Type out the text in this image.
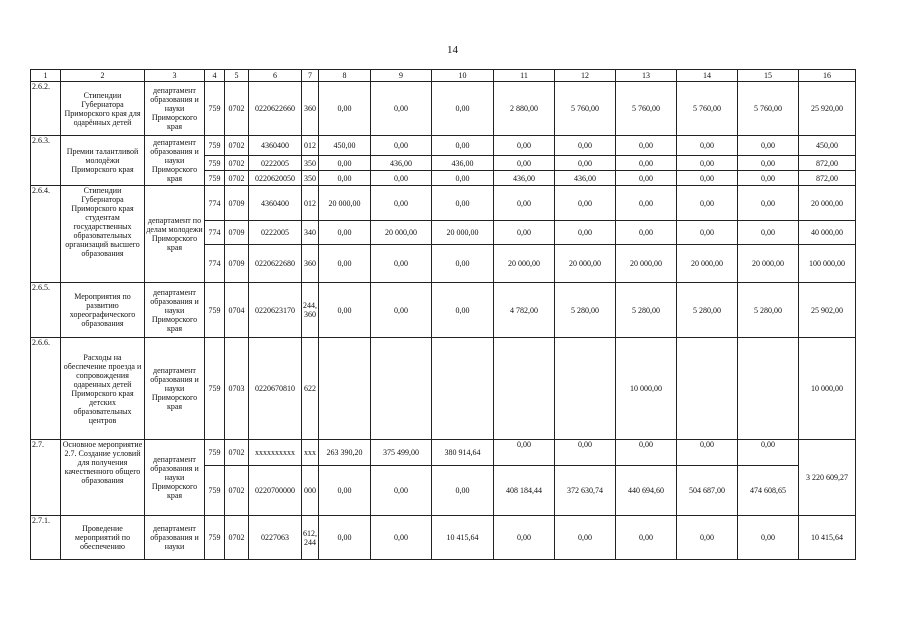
14
1	2	3	4	5	6	7	8	9	10	11	12	13	14	15	16
2.6.2.	Стипендии Губернатора Приморского края для одарённых детей	департамент образования и науки Приморского края	759	0702	0220622660	360	0,00	0,00	0,00	2 880,00	5 760,00	5 760,00	5 760,00	5 760,00	25 920,00
2.6.3.	Премии талантливой молодёжи Приморского края	департамент образования и науки Приморского края	759	0702	4360400	012	450,00	0,00	0,00	0,00	0,00	0,00	0,00	0,00	450,00
			759	0702	0222005	350	0,00	436,00	436,00	0,00	0,00	0,00	0,00	0,00	872,00
			759	0702	0220620050	350	0,00	0,00	0,00	436,00	436,00	0,00	0,00	0,00	872,00
2.6.4.	Стипендии Губернатора Приморского края студентам государственных образовательных организаций высшего образования	департамент по делам молодежи Приморского края	774	0709	4360400	012	20 000,00	0,00	0,00	0,00	0,00	0,00	0,00	0,00	20 000,00
			774	0709	0222005	340	0,00	20 000,00	20 000,00	0,00	0,00	0,00	0,00	0,00	40 000,00
			774	0709	0220622680	360	0,00	0,00	0,00	20 000,00	20 000,00	20 000,00	20 000,00	20 000,00	100 000,00
2.6.5.	Мероприятия по развитию хореографического образования	департамент образования и науки Приморского края	759	0704	0220623170	244, 360	0,00	0,00	0,00	4 782,00	5 280,00	5 280,00	5 280,00	5 280,00	25 902,00
2.6.6.	Расходы на обеспечение проезда и сопровождения одаренных детей Приморского края детских образовательных центров	департамент образования и науки Приморского края	759	0703	0220670810	622						10 000,00			10 000,00
2.7.	Основное мероприятие 2.7. Создание условий для получения качественного общего образования	департамент образования и науки Приморского края	759	0702	xxxxxxxxxx	xxx	263 390,20	375 499,00	380 914,64	0,00	0,00	0,00	0,00	0,00	3 220 609,27
			759	0702	0220700000	000	0,00	0,00	0,00	408 184,44	372 630,74	440 694,60	504 687,00	474 608,65	
2.7.1.	Проведение мероприятий по обеспечению	департамент образования и науки	759	0702	0227063	612, 244	0,00	0,00	10 415,64	0,00	0,00	0,00	0,00	0,00	10 415,64
